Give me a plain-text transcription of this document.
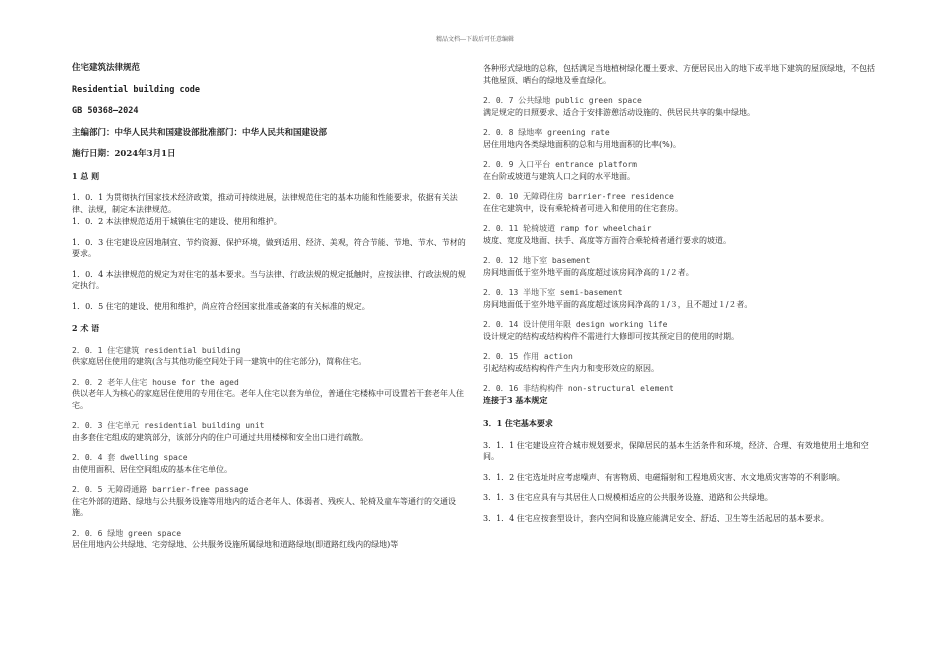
精品文档---下载后可任意编辑
住宅建筑法律规范
Residential building code
GB 50368—2024
主编部门：中华人民共和国建设部批准部门：中华人民共和国建设部
施行日期：2024年3月1日
1 总 则
1．0．1 为贯彻执行国家技术经济政策，推动可持续进展，法律规范住宅的基本功能和性能要求，依据有关法律、法规，制定本法律规范。
1．0．2 本法律规范适用于城镇住宅的建设、使用和维护。
1．0．3 住宅建设应因地制宜、节约资源、保护环境，做到适用、经济、美观，符合节能、节地、节水、节材的要求。
1．0．4 本法律规范的规定为对住宅的基本要求。当与法律、行政法规的规定抵触时，应按法律、行政法规的规定执行。
1．0．5 住宅的建设、使用和维护，尚应符合经国家批准或备案的有关标准的规定。
2 术 语
2．0．1 住宅建筑 residential building
供家庭居住使用的建筑(含与其他功能空间处于同一建筑中的住宅部分)，简称住宅。
2．0．2 老年人住宅 house for the aged
供以老年人为核心的家庭居住使用的专用住宅。老年人住宅以套为单位，普通住宅楼栋中可设置若干套老年人住宅。
2．0．3 住宅单元 residential building unit
由多套住宅组成的建筑部分，该部分内的住户可通过共用楼梯和安全出口进行疏散。
2．0．4 套 dwelling space
由使用面积、居住空间组成的基本住宅单位。
2．0．5 无障碍通路 barrier-free passage
住宅外部的道路、绿地与公共服务设施等用地内的适合老年人、体弱者、残疾人、轮椅及童车等通行的交通设施。
2．0．6 绿地 green space
居住用地内公共绿地、宅旁绿地、公共服务设施所属绿地和道路绿地(即道路红线内的绿地)等
各种形式绿地的总称，包括满足当地植树绿化覆土要求、方便居民出入的地下或半地下建筑的屋顶绿地，不包括其他屋顶、晒台的绿地及垂直绿化。
2．0．7 公共绿地 public green space
满足规定的日照要求、适合于安排游憩活动设施的、供居民共享的集中绿地。
2．0．8 绿地率 greening rate
居住用地内各类绿地面积的总和与用地面积的比率(%)。
2．0．9 入口平台 entrance platform
在台阶或坡道与建筑人口之间的水平地面。
2．0．10 无障碍住房 barrier-free residence
在住宅建筑中，设有乘轮椅者可进入和使用的住宅套房。
2．0．11 轮椅坡道 ramp for wheelchair
坡度、宽度及地面、扶手、高度等方面符合乘轮椅者通行要求的坡道。
2．0．12 地下室 basement
房间地面低于室外地平面的高度超过该房间净高的１/２者。
2．0．13 半地下室 semi-basement
房间地面低于室外地平面的高度超过该房间净高的１/３，且不超过１/２者。
2．0．14 设计使用年限 design working life
设计规定的结构或结构构件不需进行大修即可按其预定目的使用的时期。
2．0．15 作用 action
引起结构或结构构件产生内力和变形效应的原因。
2．0．16 非结构构件 non-structural element
连接于3 基本规定
3．1 住宅基本要求
3．1．1 住宅建设应符合城市规划要求，保障居民的基本生活条件和环境，经济、合理、有效地使用土地和空间。
3．1．2 住宅选址时应考虑噪声、有害物质、电磁辐射和工程地质灾害、水文地质灾害等的不利影响。
3．1．3 住宅应具有与其居住人口规模相适应的公共服务设施、道路和公共绿地。
3．1．4 住宅应按套型设计，套内空间和设施应能满足安全、舒适、卫生等生活起居的基本要求。
